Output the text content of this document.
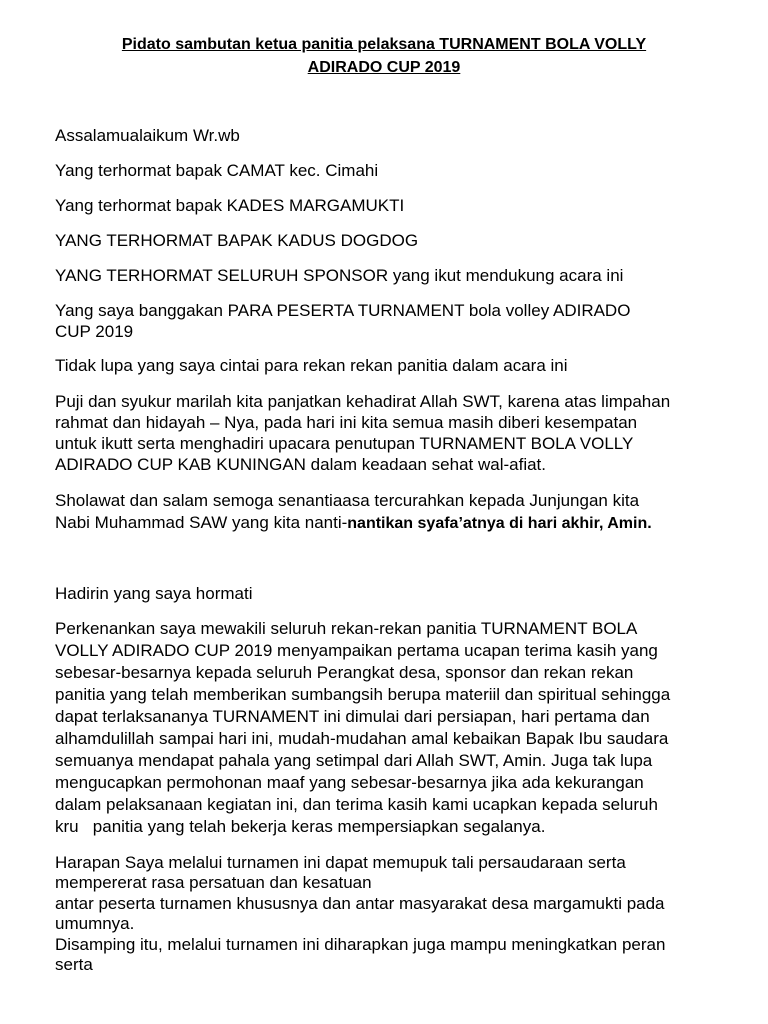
Pidato sambutan ketua panitia pelaksana TURNAMENT BOLA VOLLY
ADIRADO CUP 2019
Assalamualaikum Wr.wb
Yang terhormat bapak CAMAT kec. Cimahi
Yang terhormat bapak KADES MARGAMUKTI
YANG TERHORMAT BAPAK KADUS DOGDOG
YANG TERHORMAT SELURUH SPONSOR yang ikut mendukung acara ini
Yang saya banggakan PARA PESERTA TURNAMENT bola volley ADIRADO
CUP 2019
Tidak lupa yang saya cintai para rekan rekan panitia dalam acara ini
Puji dan syukur marilah kita panjatkan kehadirat Allah SWT, karena atas limpahan
rahmat dan hidayah – Nya, pada hari ini kita semua masih diberi kesempatan
untuk ikutt serta menghadiri upacara penutupan TURNAMENT BOLA VOLLY
ADIRADO CUP KAB KUNINGAN dalam keadaan sehat wal-afiat.
Sholawat dan salam semoga senantiaasa tercurahkan kepada Junjungan kita
Nabi Muhammad SAW yang kita nanti-nantikan syafa’atnya di hari akhir, Amin.
Hadirin yang saya hormati
Perkenankan saya mewakili seluruh rekan-rekan panitia TURNAMENT BOLA
VOLLY ADIRADO CUP 2019 menyampaikan pertama ucapan terima kasih yang
sebesar-besarnya kepada seluruh Perangkat desa, sponsor dan rekan rekan
panitia yang telah memberikan sumbangsih berupa materiil dan spiritual sehingga
dapat terlaksananya TURNAMENT ini dimulai dari persiapan, hari pertama dan
alhamdulillah sampai hari ini, mudah-mudahan amal kebaikan Bapak Ibu saudara
semuanya mendapat pahala yang setimpal dari Allah SWT, Amin. Juga tak lupa
mengucapkan permohonan maaf yang sebesar-besarnya jika ada kekurangan
dalam pelaksanaan kegiatan ini, dan terima kasih kami ucapkan kepada seluruh
kru   panitia yang telah bekerja keras mempersiapkan segalanya.
Harapan Saya melalui turnamen ini dapat memupuk tali persaudaraan serta
mempererat rasa persatuan dan kesatuan
antar peserta turnamen khususnya dan antar masyarakat desa margamukti pada
umumnya.
Disamping itu, melalui turnamen ini diharapkan juga mampu meningkatkan peran
serta
